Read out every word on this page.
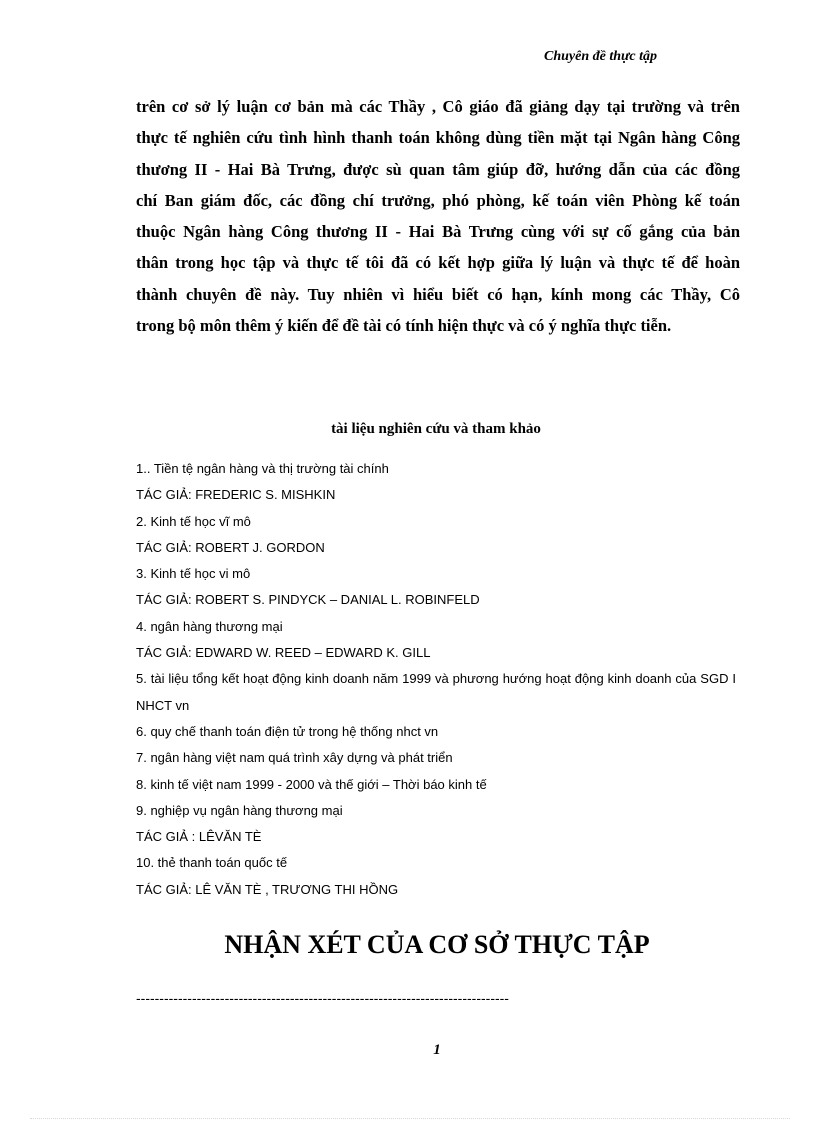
Chuyên đề thực tập
trên cơ sở lý luận cơ bản mà các Thầy , Cô giáo đã giảng dạy tại trường và trên
thực tế nghiên cứu tình hình thanh toán không dùng tiền mặt tại Ngân hàng Công
thương II - Hai Bà Trưng, được sù quan tâm giúp đỡ, hướng dẫn của các đồng
chí Ban giám đốc, các đồng chí trưởng, phó phòng, kế toán viên Phòng kế toán
thuộc Ngân hàng Công thương II - Hai Bà Trưng cùng với sự cố gắng của bản
thân trong học tập và thực tế tôi đã có kết hợp giữa lý luận và thực tế để hoàn
thành chuyên đề này. Tuy nhiên vì hiểu biết có hạn, kính mong các Thầy, Cô
trong bộ môn thêm ý kiến để đề tài có tính hiện thực và có ý nghĩa thực tiễn.
tài liệu nghiên cứu và tham khảo
1.. Tiền tệ ngân hàng và thị trường tài chính
TÁC GIẢ: FREDERIC S. MISHKIN
2. Kinh tế học vĩ mô
TÁC GIẢ: ROBERT J. GORDON
3. Kinh tế học vi mô
TÁC GIẢ: ROBERT S. PINDYCK – DANIAL L. ROBINFELD
4. ngân hàng thương mại
TÁC GIẢ: EDWARD W. REED – EDWARD K. GILL
5. tài liệu tổng kết hoạt động kinh doanh năm 1999 và phương hướng hoạt động kinh doanh của SGD I NHCT vn
6. quy chế thanh toán điện tử trong hệ thống nhct vn
7. ngân hàng việt nam quá trình xây dựng và phát triển
8. kinh tế việt nam 1999 - 2000 và thế giới – Thời báo kinh tế
9. nghiệp vụ ngân hàng thương mại
TÁC GIẢ : LÊVĂN TÈ
10. thẻ thanh toán quốc tế
TÁC GIẢ: LÊ VĂN TÈ , TRƯƠNG THI HỒNG
NHẬN XÉT CỦA CƠ SỞ THỰC TẬP
--------------------------------------------------------------------------------
1
